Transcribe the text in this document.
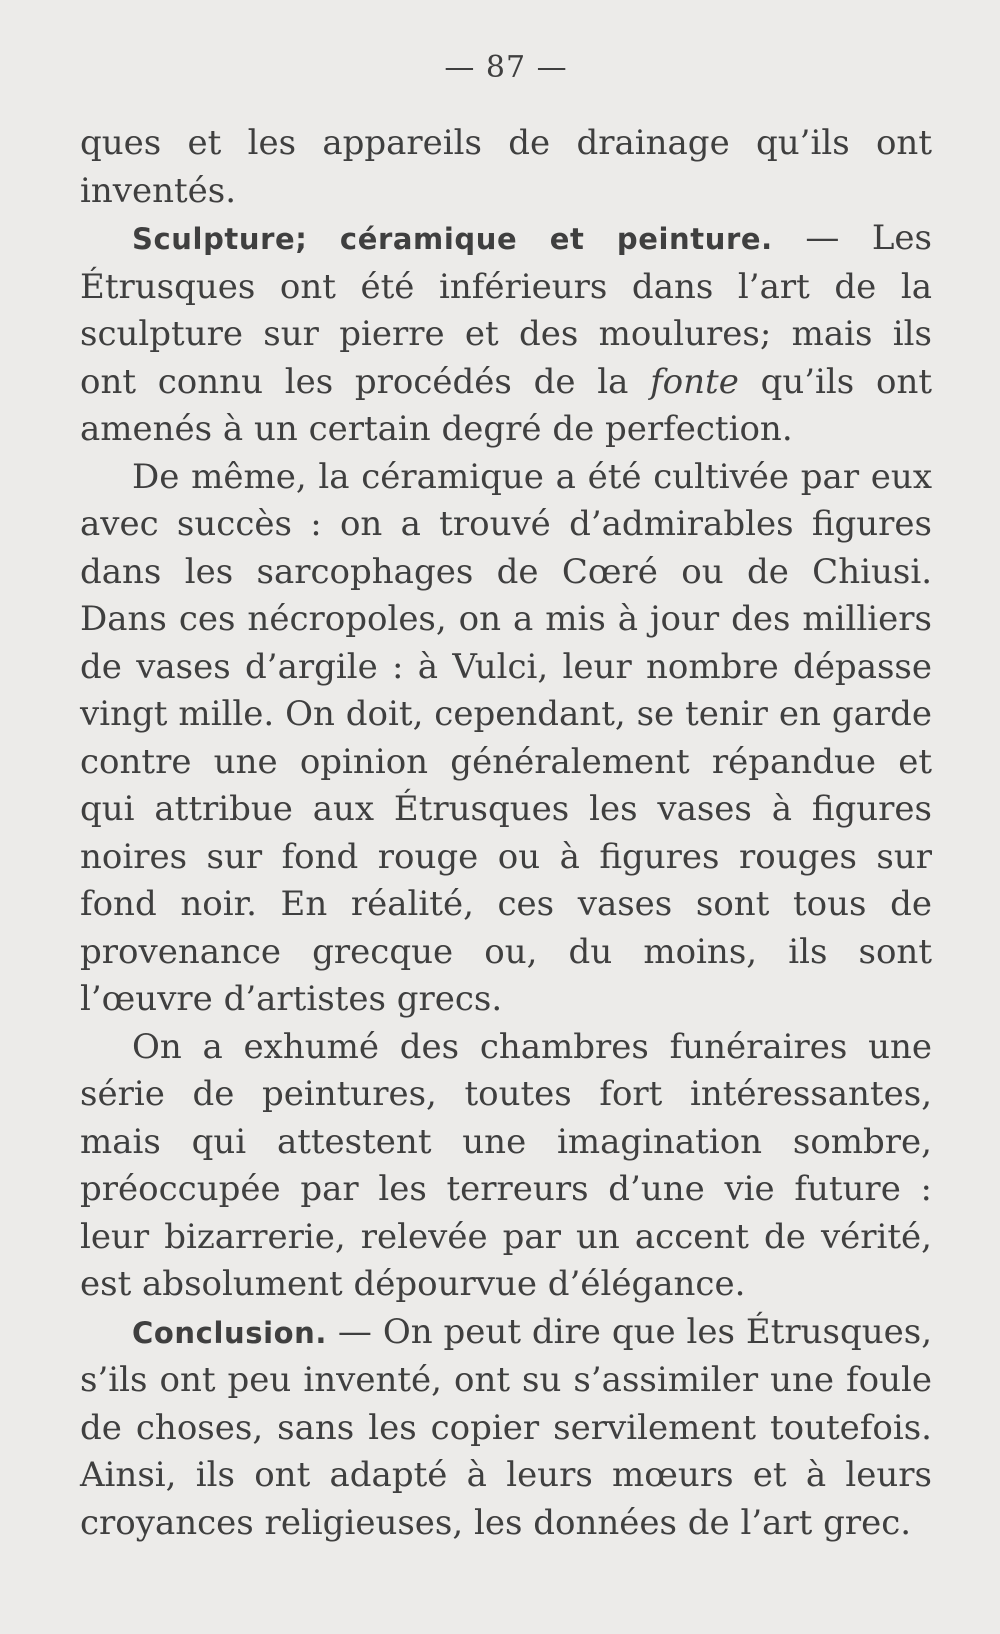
— 87 —

ques et les appareils de drainage qu’ils ont inventés.

Sculpture; céramique et peinture. — Les Étrusques ont été inférieurs dans l’art de la sculpture sur pierre et des moulures; mais ils ont connu les procédés de la fonte qu’ils ont amenés à un certain degré de perfection.

De même, la céramique a été cultivée par eux avec succès : on a trouvé d’admirables figures dans les sarcophages de Cœré ou de Chiusi. Dans ces nécropoles, on a mis à jour des milliers de vases d’argile : à Vulci, leur nombre dépasse vingt mille. On doit, cependant, se tenir en garde contre une opinion généralement répandue et qui attribue aux Étrusques les vases à figures noires sur fond rouge ou à figures rouges sur fond noir. En réalité, ces vases sont tous de provenance grecque ou, du moins, ils sont l’œuvre d’artistes grecs.

On a exhumé des chambres funéraires une série de peintures, toutes fort intéressantes, mais qui attestent une imagination sombre, préoccupée par les terreurs d’une vie future : leur bizarrerie, relevée par un accent de vérité, est absolument dépourvue d’élégance.

Conclusion. — On peut dire que les Étrusques, s’ils ont peu inventé, ont su s’assimiler une foule de choses, sans les copier servilement toutefois. Ainsi, ils ont adapté à leurs mœurs et à leurs croyances religieuses, les données de l’art grec.
